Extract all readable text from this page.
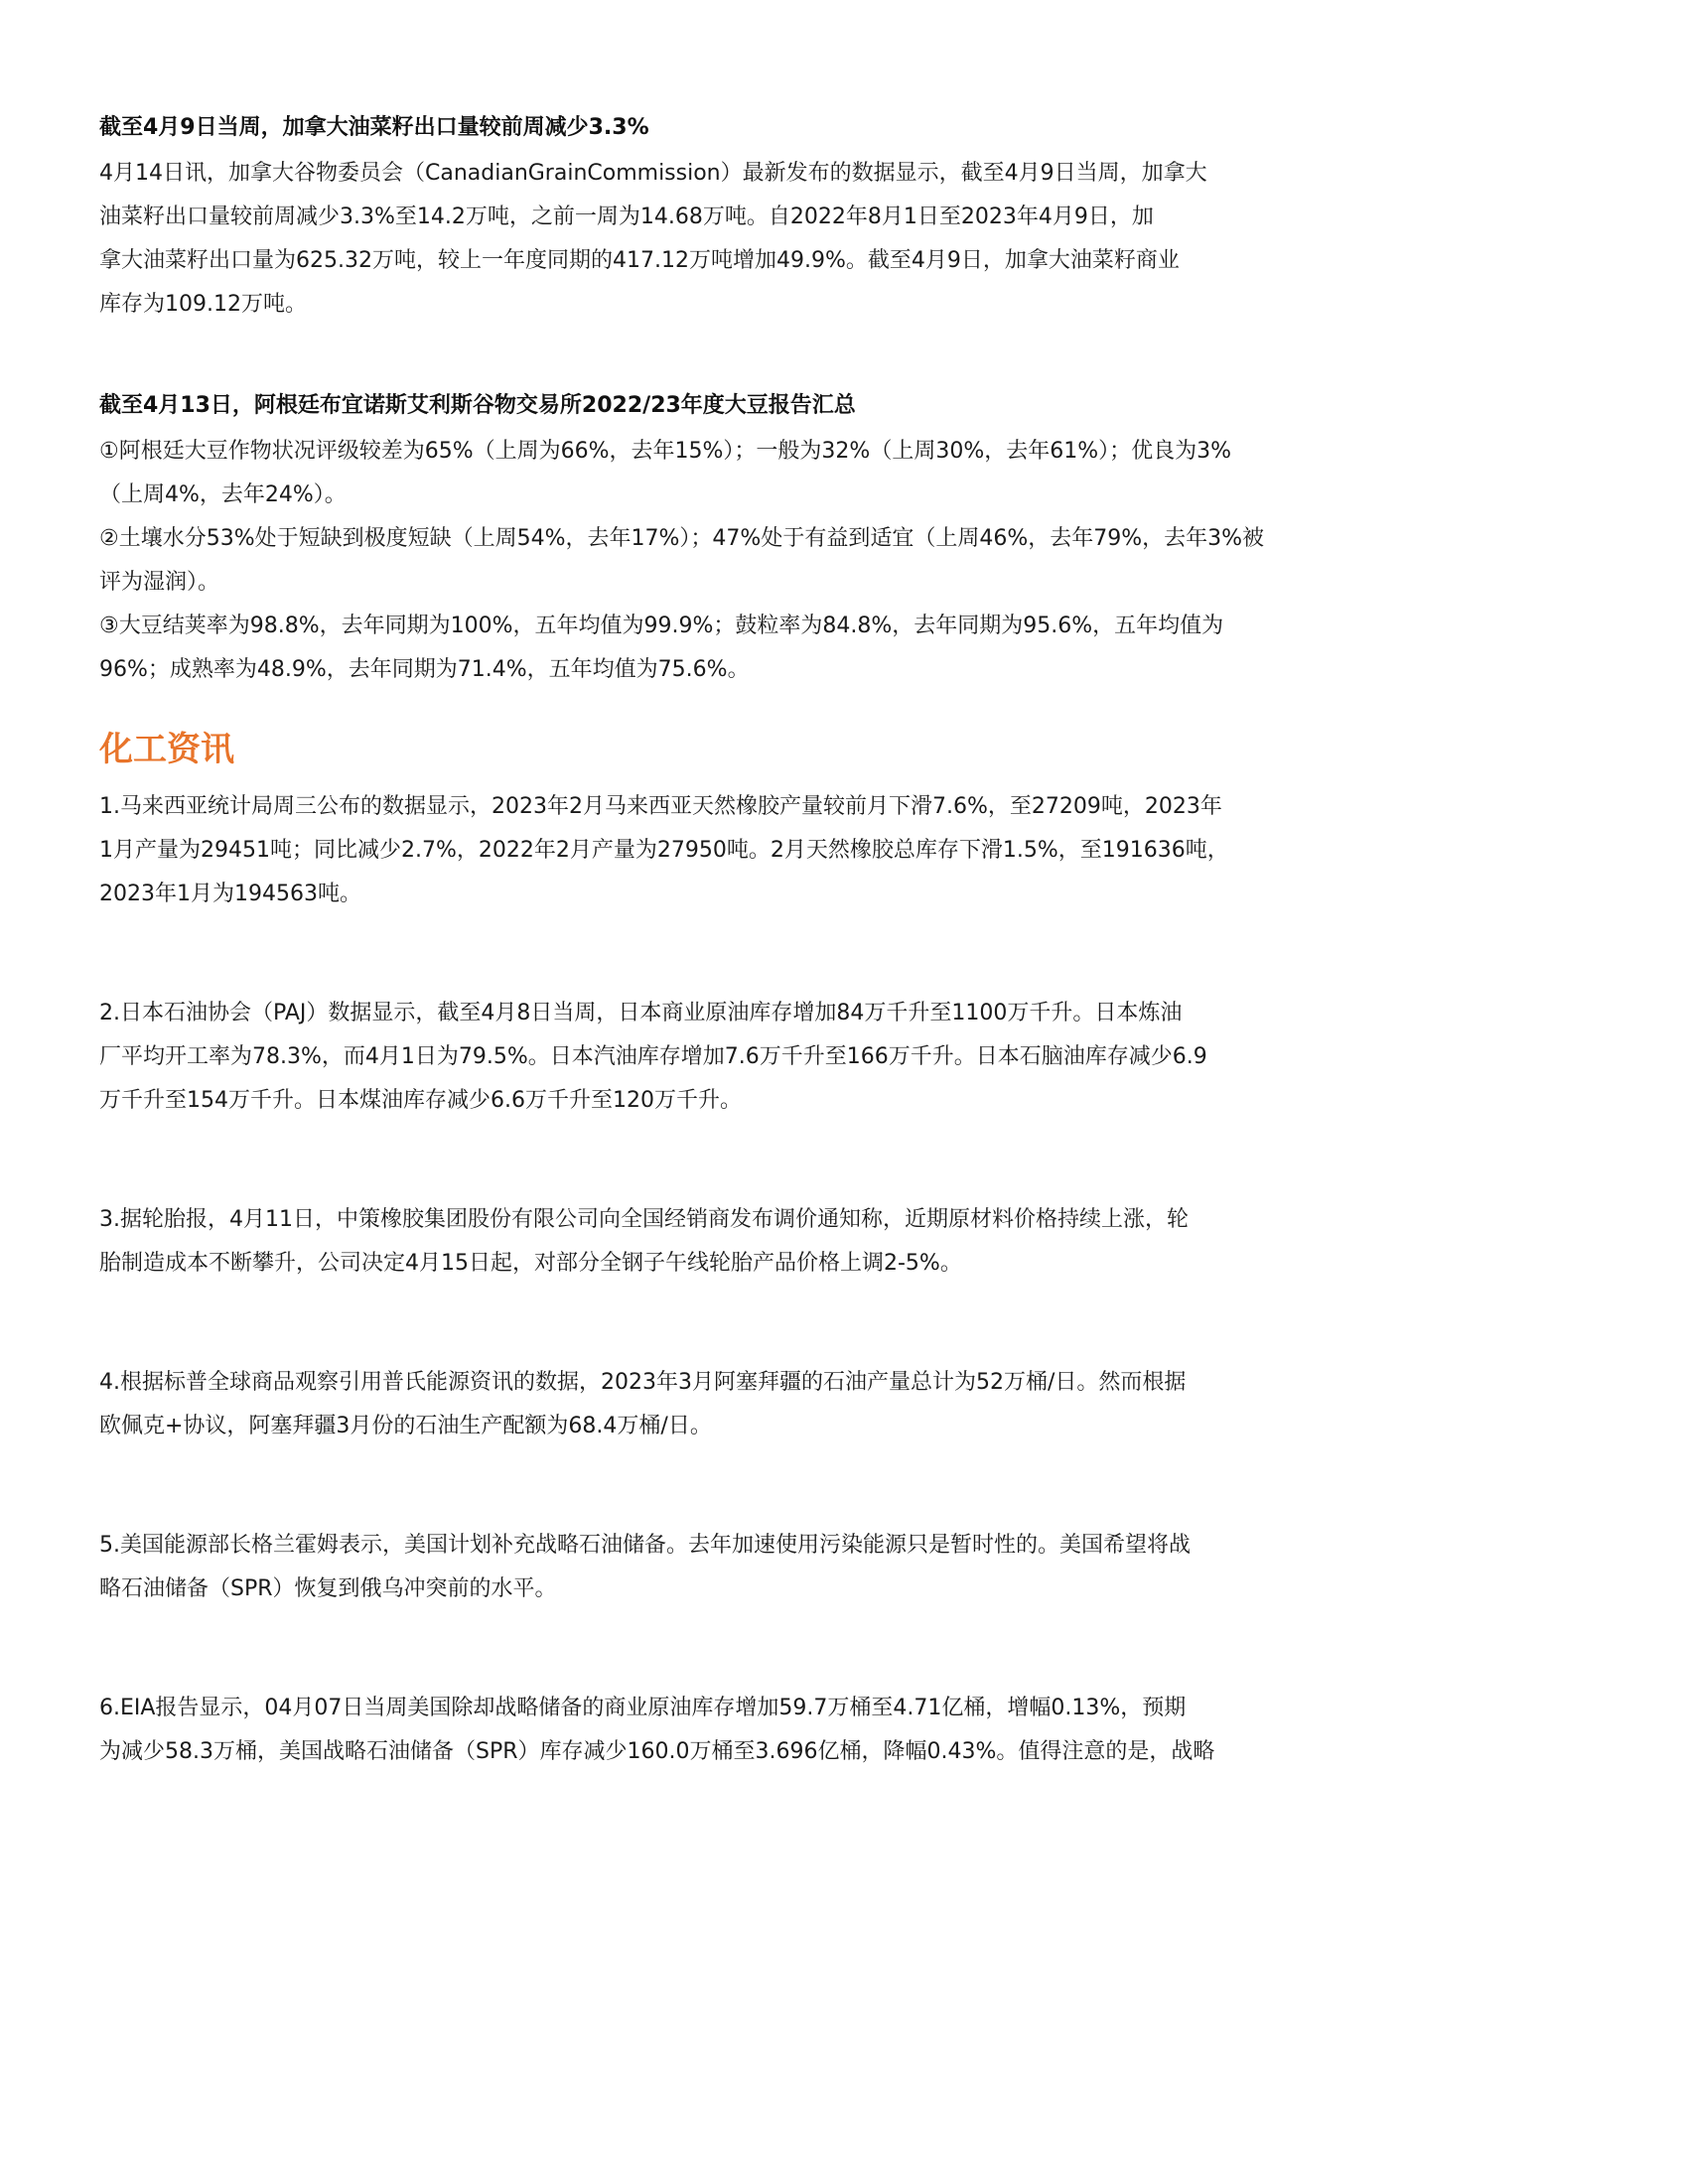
截至4月9日当周，加拿大油菜籽出口量较前周减少3.3%

4月14日讯，加拿大谷物委员会（CanadianGrainCommission）最新发布的数据显示，截至4月9日当周，加拿大

油菜籽出口量较前周减少3.3%至14.2万吨，之前一周为14.68万吨。自2022年8月1日至2023年4月9日，加

拿大油菜籽出口量为625.32万吨，较上一年度同期的417.12万吨增加49.9%。截至4月9日，加拿大油菜籽商业

库存为109.12万吨。

截至4月13日，阿根廷布宜诺斯艾利斯谷物交易所2022/23年度大豆报告汇总

①阿根廷大豆作物状况评级较差为65%（上周为66%，去年15%）；一般为32%（上周30%，去年61%）；优良为3%

（上周4%，去年24%）。

②土壤水分53%处于短缺到极度短缺（上周54%，去年17%）；47%处于有益到适宜（上周46%，去年79%，去年3%被

评为湿润）。

③大豆结荚率为98.8%，去年同期为100%，五年均值为99.9%；鼓粒率为84.8%，去年同期为95.6%，五年均值为

96%；成熟率为48.9%，去年同期为71.4%，五年均值为75.6%。

化工资讯

1.马来西亚统计局周三公布的数据显示，2023年2月马来西亚天然橡胶产量较前月下滑7.6%，至27209吨，2023年

1月产量为29451吨；同比减少2.7%，2022年2月产量为27950吨。2月天然橡胶总库存下滑1.5%，至191636吨，

2023年1月为194563吨。

2.日本石油协会（PAJ）数据显示，截至4月8日当周，日本商业原油库存增加84万千升至1100万千升。日本炼油

厂平均开工率为78.3%，而4月1日为79.5%。日本汽油库存增加7.6万千升至166万千升。日本石脑油库存减少6.9

万千升至154万千升。日本煤油库存减少6.6万千升至120万千升。

3.据轮胎报，4月11日，中策橡胶集团股份有限公司向全国经销商发布调价通知称，近期原材料价格持续上涨，轮

胎制造成本不断攀升，公司决定4月15日起，对部分全钢子午线轮胎产品价格上调2-5%。

4.根据标普全球商品观察引用普氏能源资讯的数据，2023年3月阿塞拜疆的石油产量总计为52万桶/日。然而根据

欧佩克+协议，阿塞拜疆3月份的石油生产配额为68.4万桶/日。

5.美国能源部长格兰霍姆表示，美国计划补充战略石油储备。去年加速使用污染能源只是暂时性的。美国希望将战

略石油储备（SPR）恢复到俄乌冲突前的水平。

6.EIA报告显示，04月07日当周美国除却战略储备的商业原油库存增加59.7万桶至4.71亿桶，增幅0.13%，预期

为减少58.3万桶，美国战略石油储备（SPR）库存减少160.0万桶至3.696亿桶，降幅0.43%。值得注意的是，战略
